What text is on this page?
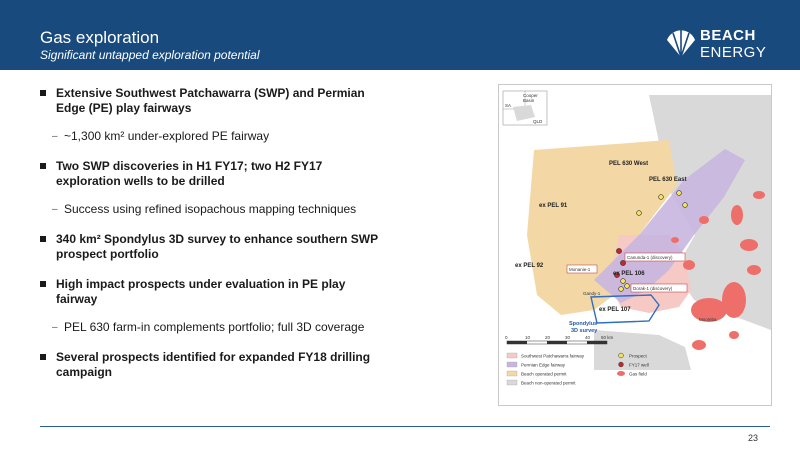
Gas exploration
Significant untapped exploration potential
BEACH
ENERGY
Extensive Southwest Patchawarra (SWP) and Permian Edge (PE) play fairways
– ~1,300 km² under-explored PE fairway
Two SWP discoveries in H1 FY17; two H2 FY17 exploration wells to be drilled
– Success using refined isopachous mapping techniques
340 km² Spondylus 3D survey to enhance southern SWP prospect portfolio
High impact prospects under evaluation in PE play fairway
– PEL 630 farm-in complements portfolio; full 3D coverage
Several prospects identified for expanded FY18 drilling campaign
PEL 630 West
PEL 630 East
ex PEL 91
ex PEL 92
ex PEL 106
ex PEL 107
Canunda-1 (discovery)
Monanie-1
Dorak-1 (discovery)
Gandy-1
Spondylus
3D survey
Moomba
Cooper
Basin
SA
QLD
0	10	20	30	40 50 km
Southwest Patchawarra fairway
Permian Edge fairway
Beach operated permit
Beach non-operated permit
Prospect
FY17 well
Gas field
23
